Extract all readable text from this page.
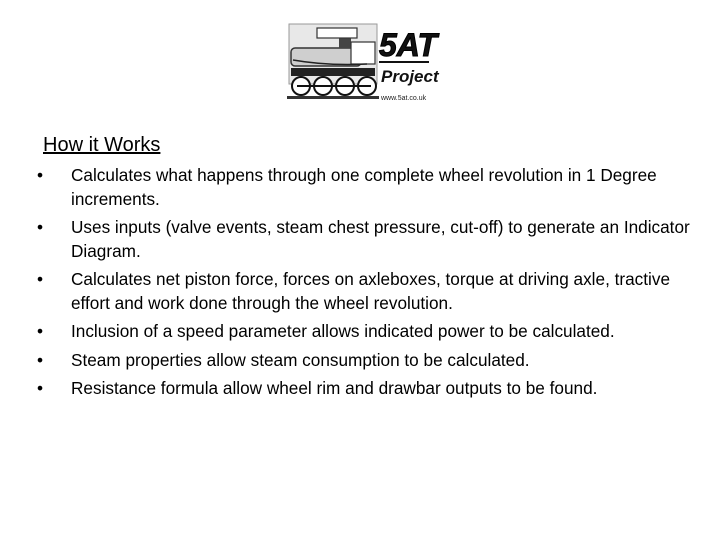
5AT
Project
www.5at.co.uk
How it Works
•	Calculates what happens through one complete wheel revolution in 1 Degree increments.
•	Uses inputs (valve events, steam chest pressure, cut-off) to generate an Indicator Diagram.
•	Calculates net piston force, forces on axleboxes, torque at driving axle, tractive effort and work done through the wheel revolution.
•	Inclusion of a speed parameter allows indicated power to be calculated.
•	Steam properties allow steam consumption to be calculated.
•	Resistance formula allow wheel rim and drawbar outputs to be found.
